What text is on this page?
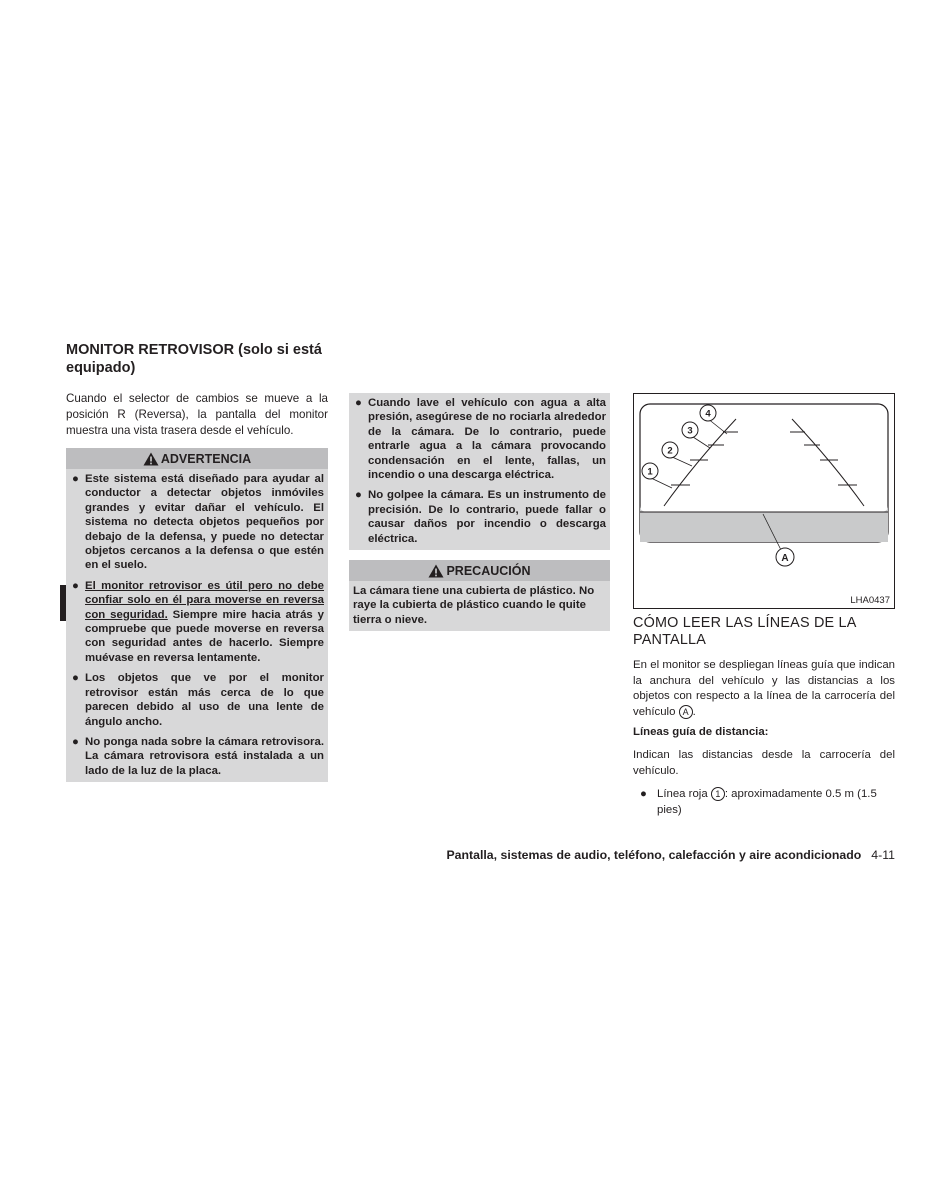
MONITOR RETROVISOR (solo si está equipado)
Cuando el selector de cambios se mueve a la posición R (Reversa), la pantalla del monitor muestra una vista trasera desde el vehículo.
ADVERTENCIA
● Este sistema está diseñado para ayudar al conductor a detectar objetos inmóviles grandes y evitar dañar el vehículo. El sistema no detecta objetos pequeños por debajo de la defensa, y puede no detectar objetos cercanos a la defensa o que estén en el suelo.
● El monitor retrovisor es útil pero no debe confiar solo en él para moverse en reversa con seguridad. Siempre mire hacia atrás y compruebe que puede moverse en reversa con seguridad antes de hacerlo. Siempre muévase en reversa lentamente.
● Los objetos que ve por el monitor retrovisor están más cerca de lo que parecen debido al uso de una lente de ángulo ancho.
● No ponga nada sobre la cámara retrovisora. La cámara retrovisora está instalada a un lado de la luz de la placa.
● Cuando lave el vehículo con agua a alta presión, asegúrese de no rociarla alrededor de la cámara. De lo contrario, puede entrarle agua a la cámara provocando condensación en el lente, fallas, un incendio o una descarga eléctrica.
● No golpee la cámara. Es un instrumento de precisión. De lo contrario, puede fallar o causar daños por incendio o descarga eléctrica.
PRECAUCIÓN
La cámara tiene una cubierta de plástico. No raye la cubierta de plástico cuando le quite tierra o nieve.
1
2
3
4
A
LHA0437
CÓMO LEER LAS LÍNEAS DE LA PANTALLA
En el monitor se despliegan líneas guía que indican la anchura del vehículo y las distancias a los objetos con respecto a la línea de la carrocería del vehículo A .
Líneas guía de distancia:
Indican las distancias desde la carrocería del vehículo.
● Línea roja 1 : aproximadamente 0.5 m (1.5 pies)
Pantalla, sistemas de audio, teléfono, calefacción y aire acondicionado 4-11
